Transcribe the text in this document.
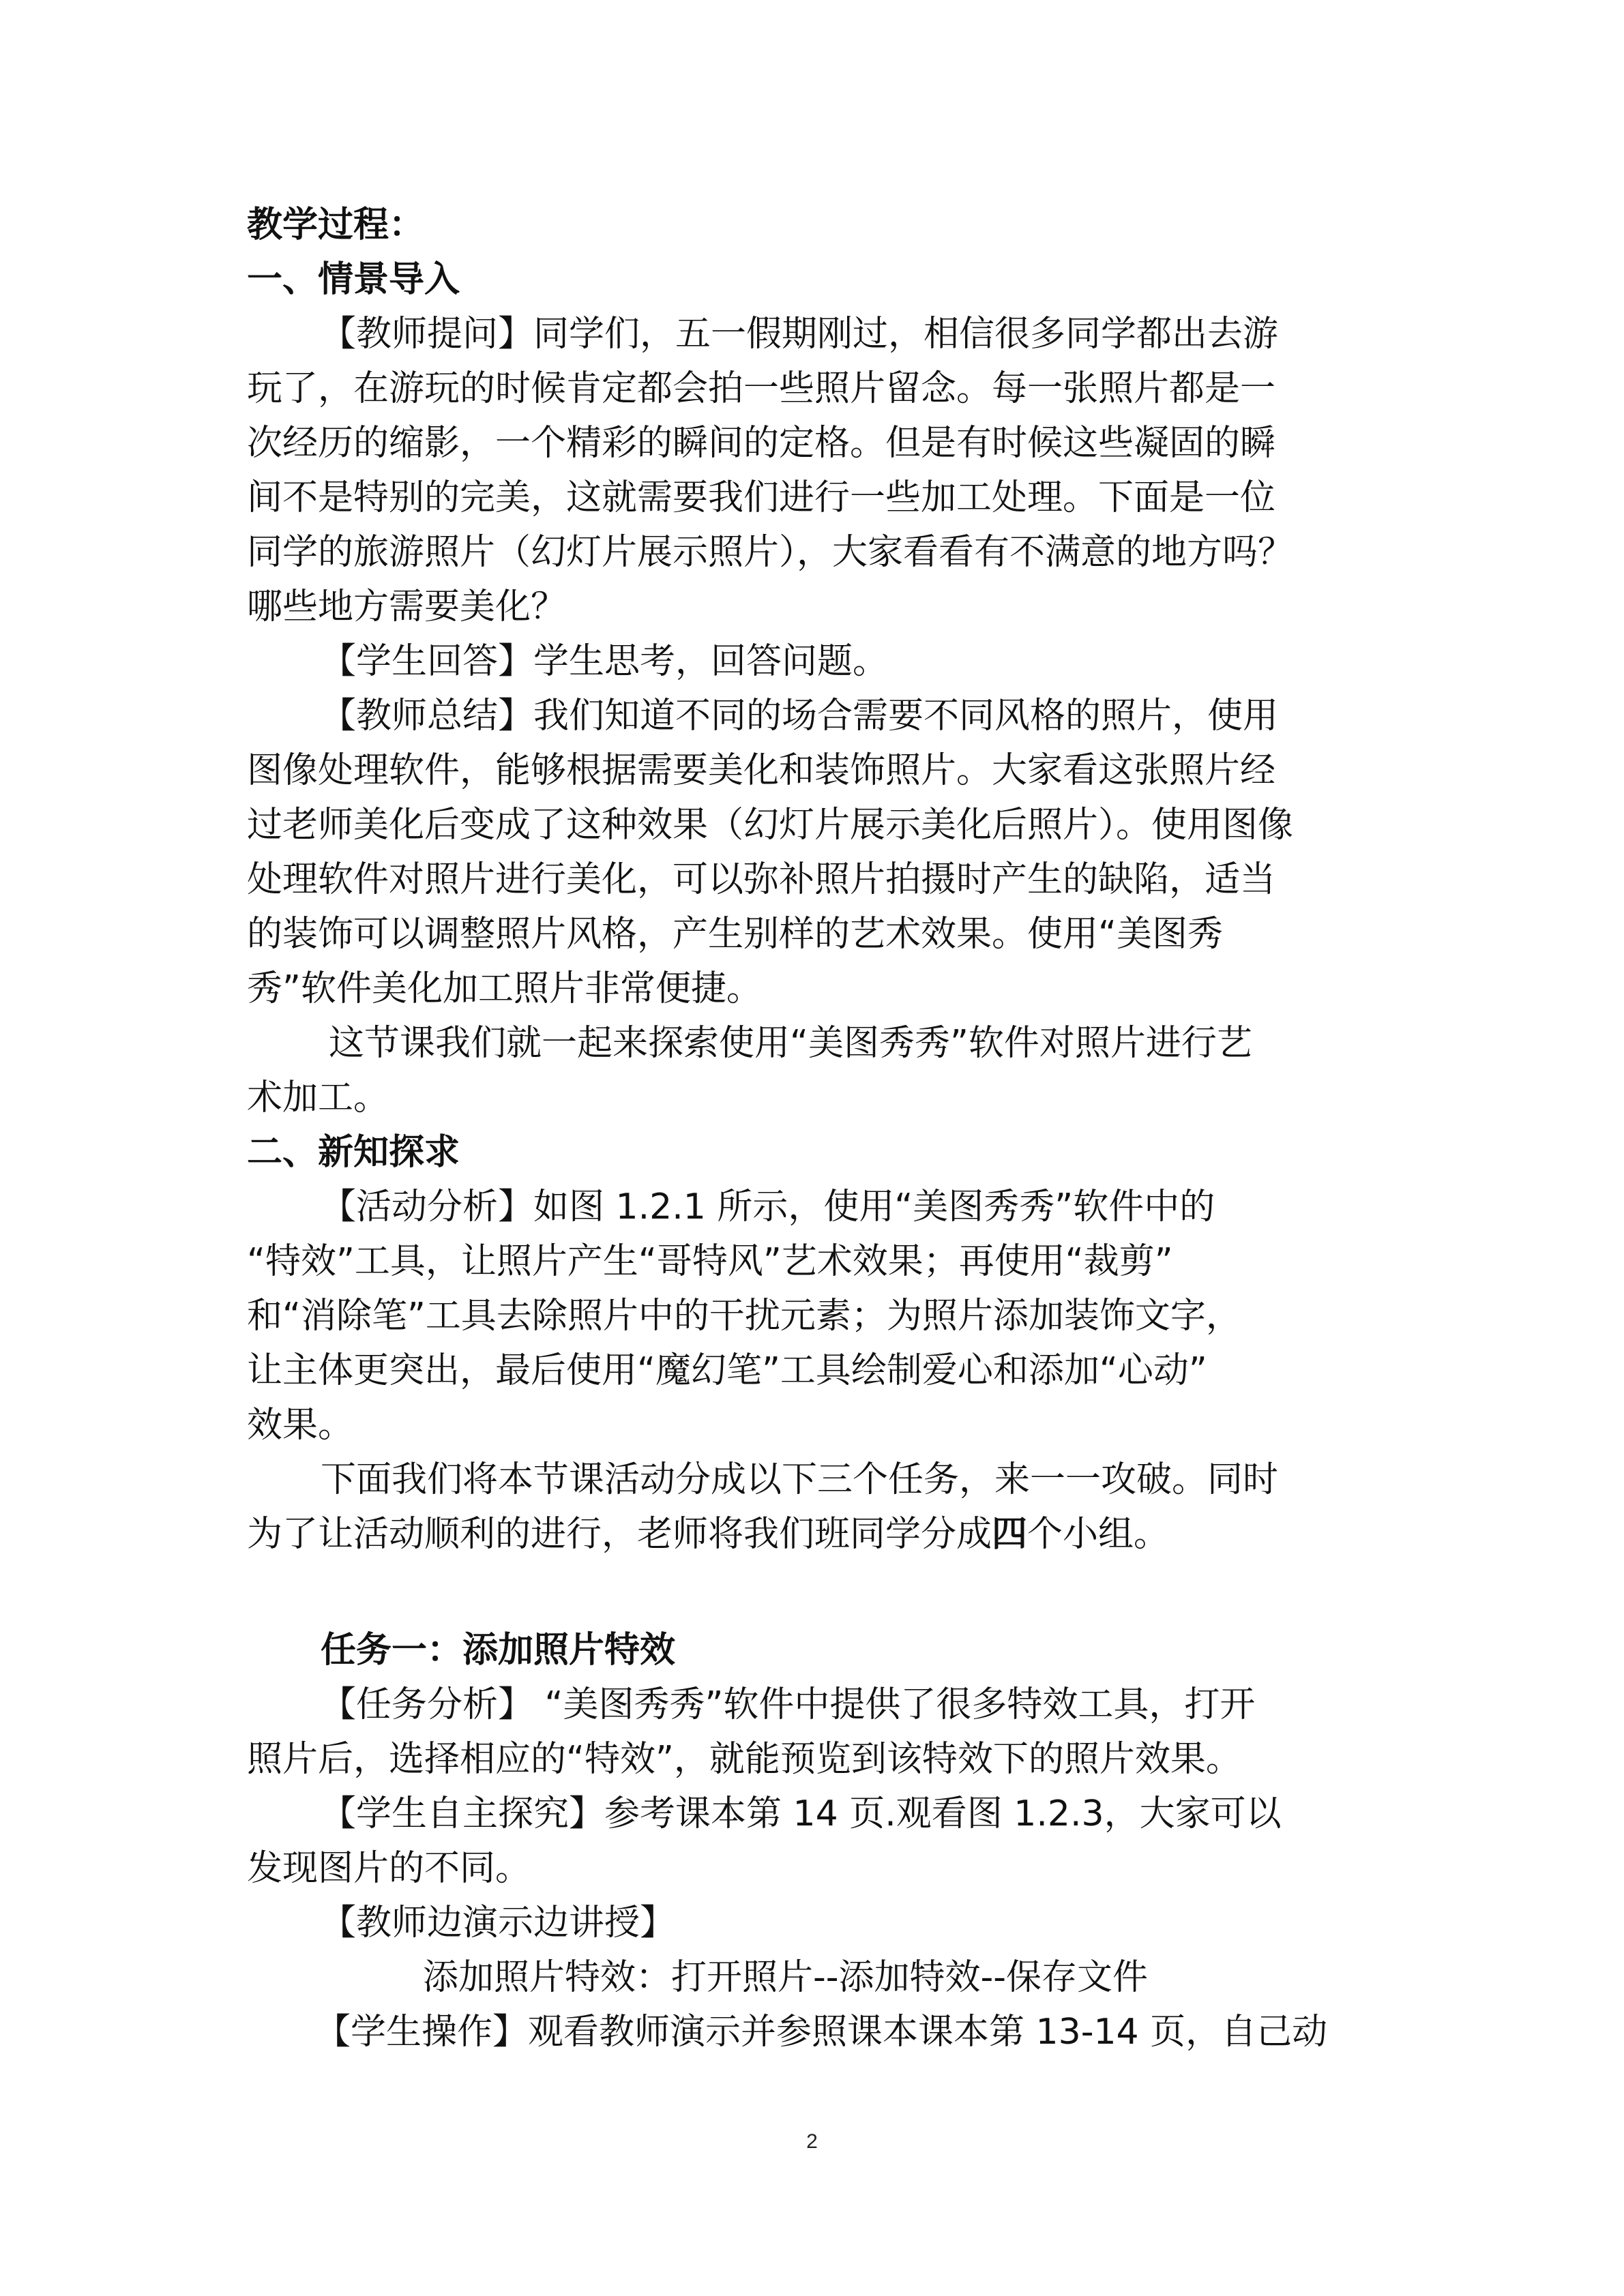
教学过程：
一、情景导入
【教师提问】同学们，五一假期刚过，相信很多同学都出去游
玩了，在游玩的时候肯定都会拍一些照片留念。每一张照片都是一
次经历的缩影，一个精彩的瞬间的定格。但是有时候这些凝固的瞬
间不是特别的完美，这就需要我们进行一些加工处理。下面是一位
同学的旅游照片（幻灯片展示照片），大家看看有不满意的地方吗？
哪些地方需要美化？
【学生回答】学生思考，回答问题。
【教师总结】我们知道不同的场合需要不同风格的照片，使用
图像处理软件，能够根据需要美化和装饰照片。大家看这张照片经
过老师美化后变成了这种效果（幻灯片展示美化后照片）。使用图像
处理软件对照片进行美化，可以弥补照片拍摄时产生的缺陷，适当
的装饰可以调整照片风格，产生别样的艺术效果。使用“美图秀
秀”软件美化加工照片非常便捷。
这节课我们就一起来探索使用“美图秀秀”软件对照片进行艺
术加工。
二、新知探求
【活动分析】如图 1.2.1 所示，使用“美图秀秀”软件中的
“特效”工具，让照片产生“哥特风”艺术效果；再使用“裁剪”
和“消除笔”工具去除照片中的干扰元素；为照片添加装饰文字，
让主体更突出，最后使用“魔幻笔”工具绘制爱心和添加“心动”
效果。
下面我们将本节课活动分成以下三个任务，来一一攻破。同时
为了让活动顺利的进行，老师将我们班同学分成四个小组。
任务一：添加照片特效
【任务分析】 “美图秀秀”软件中提供了很多特效工具，打开
照片后，选择相应的“特效”，就能预览到该特效下的照片效果。
【学生自主探究】参考课本第 14 页.观看图 1.2.3，大家可以
发现图片的不同。
【教师边演示边讲授】
添加照片特效：打开照片--添加特效--保存文件
【学生操作】观看教师演示并参照课本课本第 13-14 页，自己动
2
